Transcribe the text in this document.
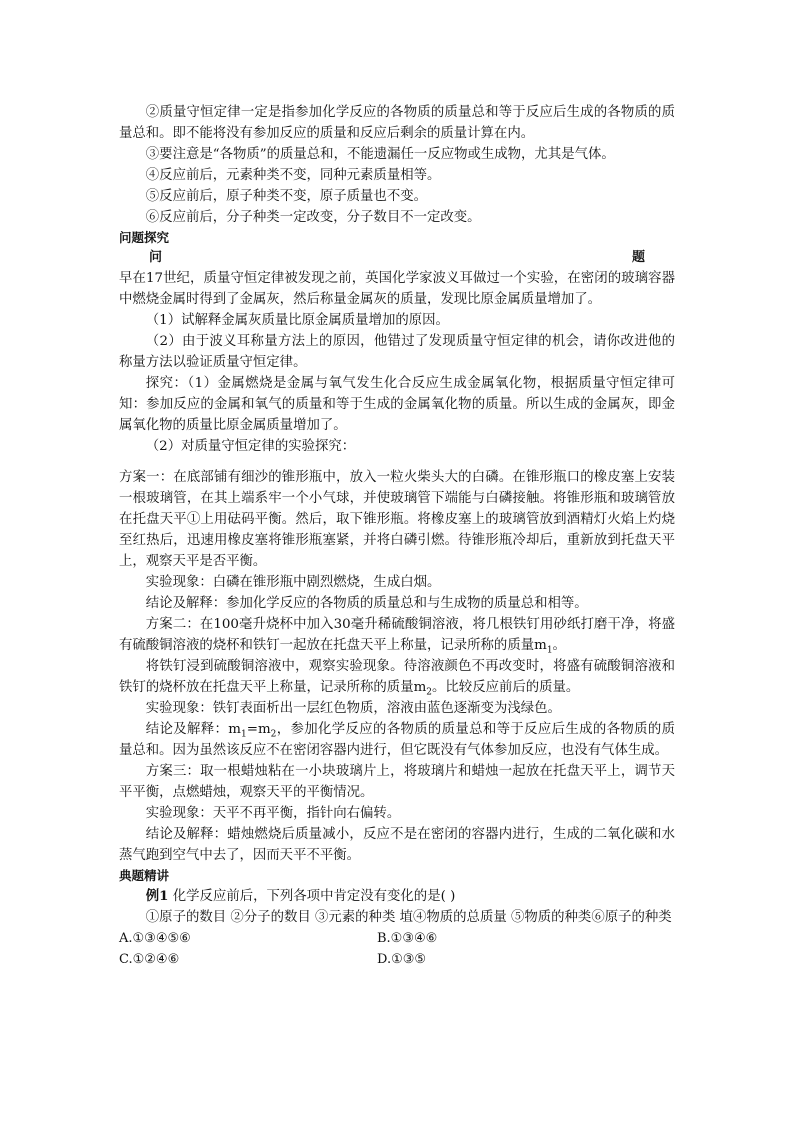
②质量守恒定律一定是指参加化学反应的各物质的质量总和等于反应后生成的各物质的质量总和。即不能将没有参加反应的质量和反应后剩余的质量计算在内。

③要注意是“各物质”的质量总和，不能遗漏任一反应物或生成物，尤其是气体。

④反应前后，元素种类不变，同种元素质量相等。

⑤反应前后，原子种类不变，原子质量也不变。

⑥反应前后，分子种类一定改变，分子数目不一定改变。

问题探究
问	题

早在17世纪，质量守恒定律被发现之前，英国化学家波义耳做过一个实验，在密闭的玻璃容器中燃烧金属时得到了金属灰，然后称量金属灰的质量，发现比原金属质量增加了。

（1）试解释金属灰质量比原金属质量增加的原因。

（2）由于波义耳称量方法上的原因，他错过了发现质量守恒定律的机会，请你改进他的称量方法以验证质量守恒定律。

探究：（1）金属燃烧是金属与氧气发生化合反应生成金属氧化物，根据质量守恒定律可知：参加反应的金属和氧气的质量和等于生成的金属氧化物的质量。所以生成的金属灰，即金属氧化物的质量比原金属质量增加了。

（2）对质量守恒定律的实验探究：

方案一：在底部铺有细沙的锥形瓶中，放入一粒火柴头大的白磷。在锥形瓶口的橡皮塞上安装一根玻璃管，在其上端系牢一个小气球，并使玻璃管下端能与白磷接触。将锥形瓶和玻璃管放在托盘天平①上用砝码平衡。然后，取下锥形瓶。将橡皮塞上的玻璃管放到酒精灯火焰上灼烧至红热后，迅速用橡皮塞将锥形瓶塞紧，并将白磷引燃。待锥形瓶冷却后，重新放到托盘天平上，观察天平是否平衡。

实验现象：白磷在锥形瓶中剧烈燃烧，生成白烟。

结论及解释：参加化学反应的各物质的质量总和与生成物的质量总和相等。

方案二：在100毫升烧杯中加入30毫升稀硫酸铜溶液，将几根铁钉用砂纸打磨干净，将盛有硫酸铜溶液的烧杯和铁钉一起放在托盘天平上称量，记录所称的质量$m_1$。

将铁钉浸到硫酸铜溶液中，观察实验现象。待溶液颜色不再改变时，将盛有硫酸铜溶液和铁钉的烧杯放在托盘天平上称量，记录所称的质量$m_2$。比较反应前后的质量。

实验现象：铁钉表面析出一层红色物质，溶液由蓝色逐渐变为浅绿色。

结论及解释：$m_1=m_2$，参加化学反应的各物质的质量总和等于反应后生成的各物质的质量总和。因为虽然该反应不在密闭容器内进行，但它既没有气体参加反应，也没有气体生成。

方案三：取一根蜡烛粘在一小块玻璃片上，将玻璃片和蜡烛一起放在托盘天平上，调节天平平衡，点燃蜡烛，观察天平的平衡情况。

实验现象：天平不再平衡，指针向右偏转。

结论及解释：蜡烛燃烧后质量减小，反应不是在密闭的容器内进行，生成的二氧化碳和水蒸气跑到空气中去了，因而天平不平衡。

典题精讲

例1 化学反应前后，下列各项中肯定没有变化的是( )

①原子的数目 ②分子的数目 ③元素的种类 埴④物质的总质量 ⑤物质的种类⑥原子的种类

A.①③④⑤⑥	B.①③④⑥
C.①②④⑥	D.①③⑤
